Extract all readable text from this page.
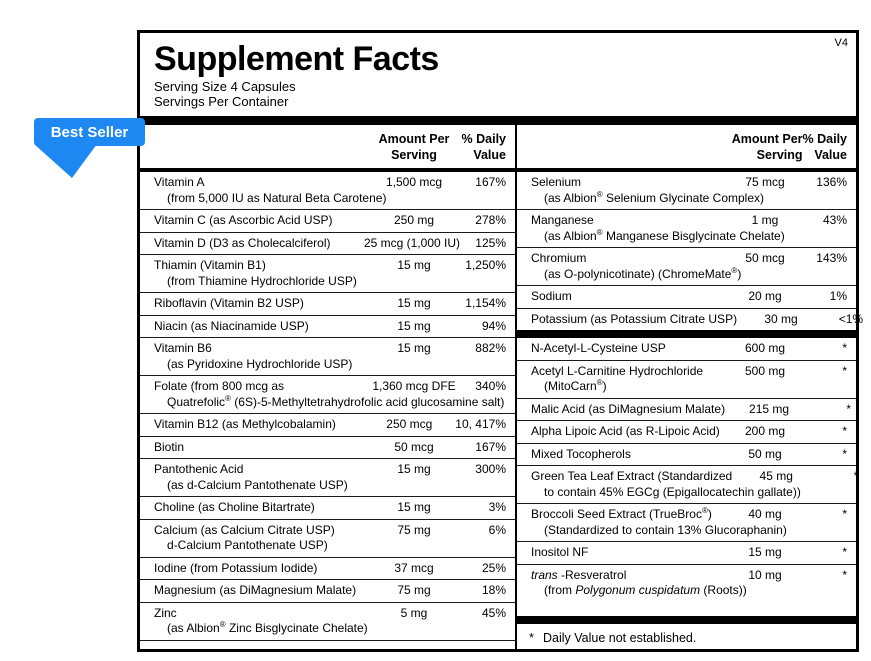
Best Seller
V4
Supplement Facts
Serving Size 4 Capsules
Servings Per Container
Amount Per
Serving
% Daily
Value
Vitamin A	1,500 mcg	167%
(from 5,000 IU as Natural Beta Carotene)
Vitamin C (as Ascorbic Acid USP)	250 mg	278%
Vitamin D (D3 as Cholecalciferol)	25 mcg (1,000 IU)	125%
Thiamin (Vitamin B1)	15 mg	1,250%
(from Thiamine Hydrochloride USP)
Riboflavin (Vitamin B2 USP)	15 mg	1,154%
Niacin (as Niacinamide USP)	15 mg	94%
Vitamin B6	15 mg	882%
(as Pyridoxine Hydrochloride USP)
Folate (from 800 mcg as	1,360 mcg DFE	340%
Quatrefolic® (6S)-5-Methyltetrahydrofolic acid glucosamine salt)
Vitamin B12 (as Methylcobalamin)	250 mcg	10, 417%
Biotin	50 mcg	167%
Pantothenic Acid	15 mg	300%
(as d-Calcium Pantothenate USP)
Choline (as Choline Bitartrate)	15 mg	3%
Calcium (as Calcium Citrate USP)	75 mg	6%
d-Calcium Pantothenate USP)
Iodine (from Potassium Iodide)	37 mcg	25%
Magnesium (as DiMagnesium Malate)	75 mg	18%
Zinc	5 mg	45%
(as Albion® Zinc Bisglycinate Chelate)
Amount Per
Serving
% Daily
Value
Selenium	75 mcg	136%
(as Albion® Selenium Glycinate Complex)
Manganese	1 mg	43%
(as Albion® Manganese Bisglycinate Chelate)
Chromium	50 mcg	143%
(as O-polynicotinate) (ChromeMate®)
Sodium	20 mg	1%
Potassium (as Potassium Citrate USP)	30 mg	<1%
N-Acetyl-L-Cysteine USP	600 mg	*
Acetyl L-Carnitine Hydrochloride	500 mg	*
(MitoCarn®)
Malic Acid (as DiMagnesium Malate)	215 mg	*
Alpha Lipoic Acid (as R-Lipoic Acid)	200 mg	*
Mixed Tocopherols	50 mg	*
Green Tea Leaf Extract (Standardized	45 mg	*
to contain 45% EGCg (Epigallocatechin gallate))
Broccoli Seed Extract (TrueBroc®)	40 mg	*
(Standardized to contain 13% Glucoraphanin)
Inositol NF	15 mg	*
trans -Resveratrol	10 mg	*
(from Polygonum cuspidatum (Roots))
* Daily Value not established.
